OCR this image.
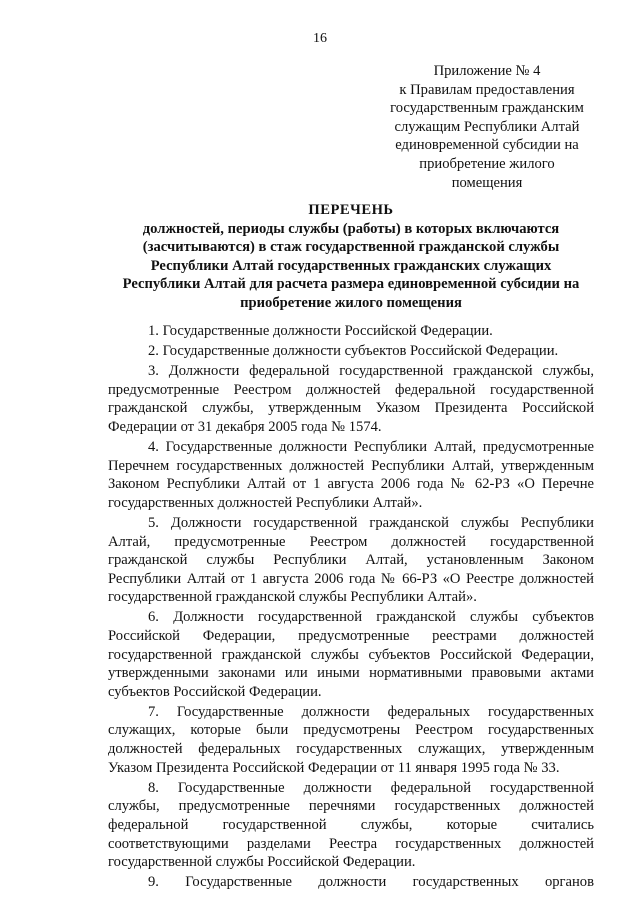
16
Приложение № 4
к Правилам предоставления
государственным гражданским
служащим Республики Алтай
единовременной субсидии на
приобретение жилого
помещения
ПЕРЕЧЕНЬ
должностей, периоды службы (работы) в которых включаются
(засчитываются) в стаж государственной гражданской службы
Республики Алтай государственных гражданских служащих
Республики Алтай для расчета размера единовременной субсидии на
приобретение жилого помещения
1. Государственные должности Российской Федерации.
2. Государственные должности субъектов Российской Федерации.
3. Должности федеральной государственной гражданской службы,
предусмотренные Реестром должностей федеральной государственной
гражданской службы, утвержденным Указом Президента Российской
Федерации от 31 декабря 2005 года № 1574.
4. Государственные должности Республики Алтай, предусмотренные
Перечнем государственных должностей Республики Алтай, утвержденным
Законом Республики Алтай от 1 августа 2006 года № 62-РЗ «О Перечне
государственных должностей Республики Алтай».
5. Должности государственной гражданской службы Республики
Алтай, предусмотренные Реестром должностей государственной
гражданской службы Республики Алтай, установленным Законом
Республики Алтай от 1 августа 2006 года № 66-РЗ «О Реестре должностей
государственной гражданской службы Республики Алтай».
6. Должности государственной гражданской службы субъектов
Российской Федерации, предусмотренные реестрами должностей
государственной гражданской службы субъектов Российской Федерации,
утвержденными законами или иными нормативными правовыми актами
субъектов Российской Федерации.
7. Государственные должности федеральных государственных
служащих, которые были предусмотрены Реестром государственных
должностей федеральных государственных служащих, утвержденным
Указом Президента Российской Федерации от 11 января 1995 года № 33.
8. Государственные должности федеральной государственной
службы, предусмотренные перечнями государственных должностей
федеральной государственной службы, которые считались
соответствующими разделами Реестра государственных должностей
государственной службы Российской Федерации.
9. Государственные должности государственных органов
